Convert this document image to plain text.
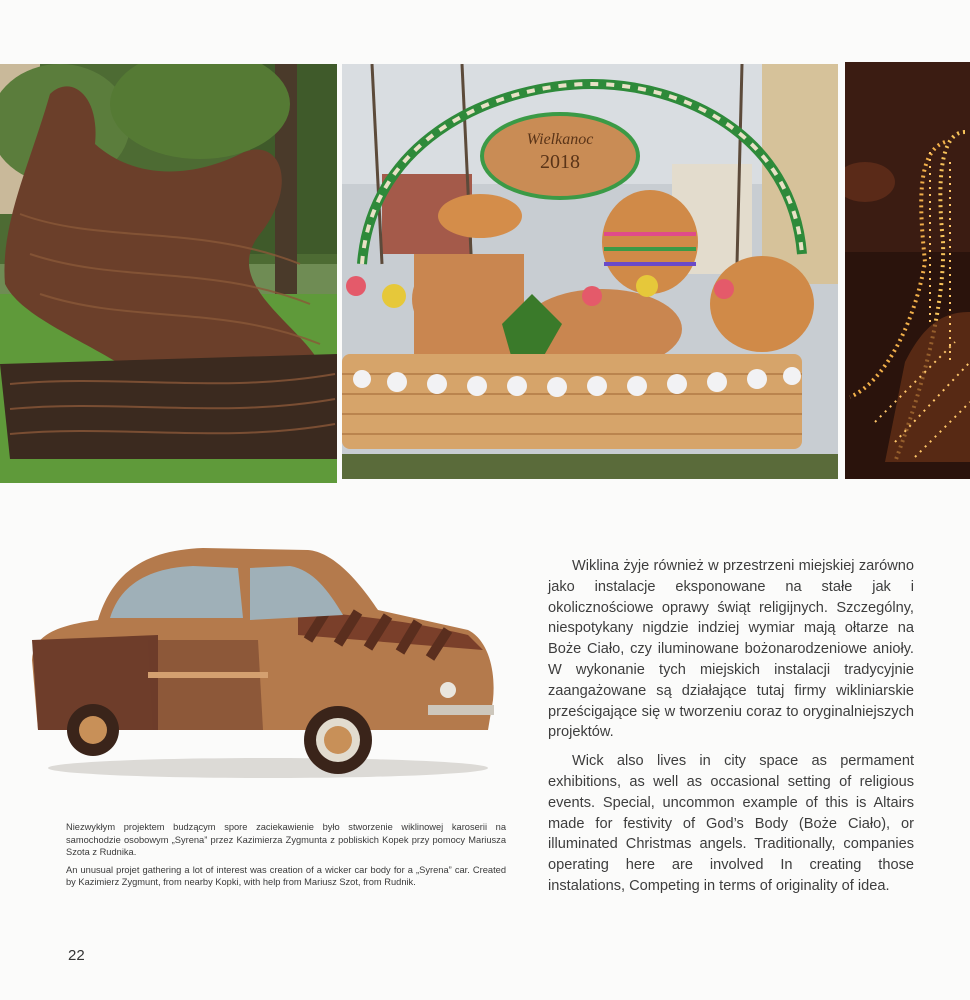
Wielkanoc
2018

Niezwykłym projektem budzącym spore zaciekawienie było stworzenie wiklinowej karoserii na samochodzie osobowym „Syrena” przez Kazimierza Zygmunta z pobliskich Kopek przy pomocy Mariusza Szota z Rudnika.

An unusual projet gathering a lot of interest was creation of a wicker car body for a „Syrena” car. Created by Kazimierz Zygmunt, from nearby Kopki, with help from Mariusz Szot, from Rudnik.

Wiklina żyje również w przestrzeni miejskiej zarówno jako instalacje eksponowane na stałe jak i okolicznościowe oprawy świąt religijnych. Szczególny, niespotykany nigdzie indziej wymiar mają ołtarze na Boże Ciało, czy iluminowane bożonarodzeniowe anioły. W wykonanie tych miejskich instalacji tradycyjnie zaangażowane są działające tutaj firmy wikliniarskie prześcigające się w tworzeniu coraz to oryginalniejszych projektów.

Wick also lives in city space as permament exhibitions, as well as occasional setting of religious events. Special, uncommon example of this is Altairs made for festivity of God’s Body (Boże Ciało), or illuminated Christmas angels. Traditionally, companies operating here are involved In creating those instalations, Competing in terms of originality of idea.

22
